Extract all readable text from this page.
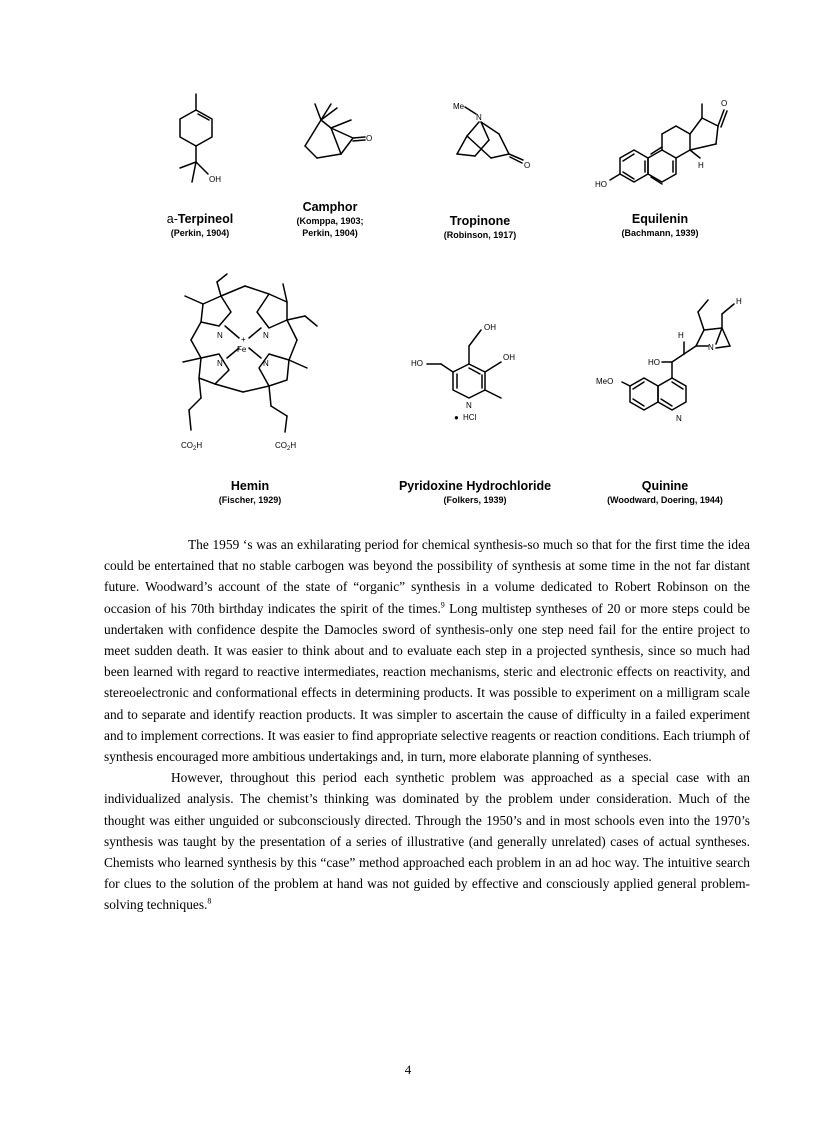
OH
a-Terpineol
(Perkin, 1904)
O
Camphor
(Komppa, 1903;
Perkin, 1904)
Me
N
O
Tropinone
(Robinson, 1917)
O
H
HO
Equilenin
(Bachmann, 1939)
N	N
N	N
+
Fe
$CO_2H$	$CO_2H$
Hemin
(Fischer, 1929)
OH
HO
OH
N
● HCl
Pyridoxine Hydrochloride
(Folkers, 1939)
N
MeO
HO
H
N
H
Quinine
(Woodward, Doering, 1944)

The 1959 ‘s was an exhilarating period for chemical synthesis-so much so that for the first time the idea could be entertained that no stable carbogen was beyond the possibility of synthesis at some time in the not far distant future. Woodward’s account of the state of “organic” synthesis in a volume dedicated to Robert Robinson on the occasion of his 70th birthday indicates the spirit of the times.$^9$ Long multistep syntheses of 20 or more steps could be undertaken with confidence despite the Damocles sword of synthesis-only one step need fail for the entire project to meet sudden death. It was easier to think about and to evaluate each step in a projected synthesis, since so much had been learned with regard to reactive intermediates, reaction mechanisms, steric and electronic effects on reactivity, and stereoelectronic and conformational effects in determining products. It was possible to experiment on a milligram scale and to separate and identify reaction products. It was simpler to ascertain the cause of difficulty in a failed experiment and to implement corrections. It was easier to find appropriate selective reagents or reaction conditions. Each triumph of synthesis encouraged more ambitious undertakings and, in turn, more elaborate planning of syntheses.

However, throughout this period each synthetic problem was approached as a special case with an individualized analysis. The chemist’s thinking was dominated by the problem under consideration. Much of the thought was either unguided or subconsciously directed. Through the 1950’s and in most schools even into the 1970’s synthesis was taught by the presentation of a series of illustrative (and generally unrelated) cases of actual syntheses. Chemists who learned synthesis by this “case” method approached each problem in an ad hoc way. The intuitive search for clues to the solution of the problem at hand was not guided by effective and consciously applied general problem-solving techniques.$^8$

4
